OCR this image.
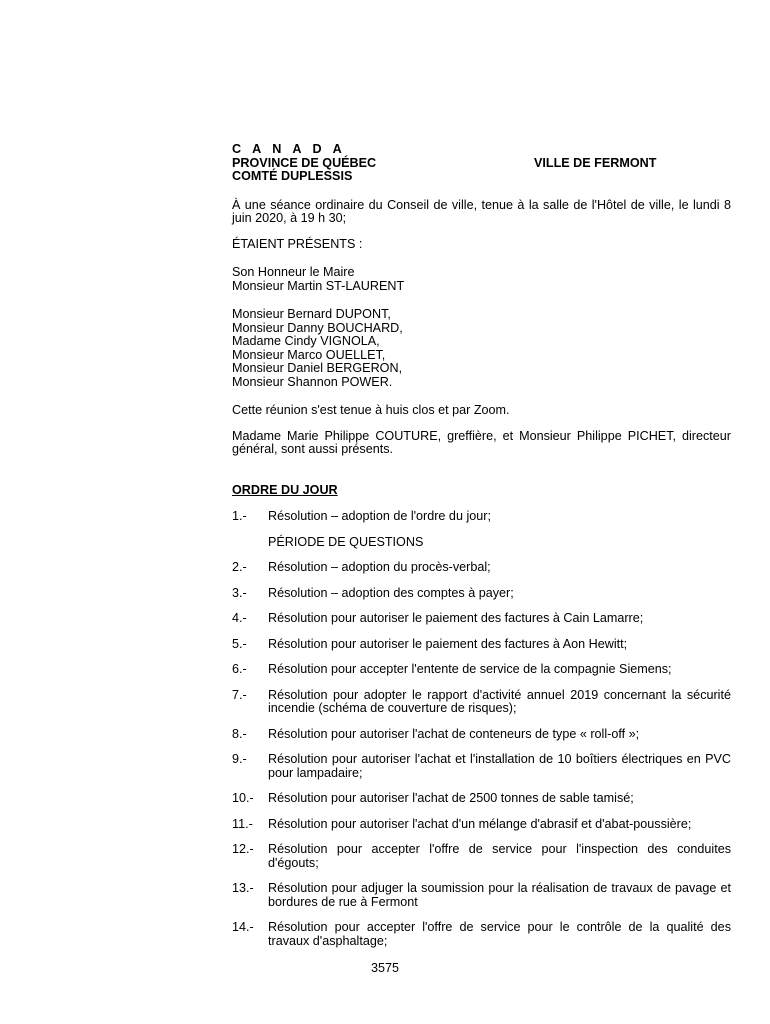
C A N A D A
PROVINCE DE QUÉBEC	VILLE DE FERMONT
COMTÉ DUPLESSIS

À une séance ordinaire du Conseil de ville, tenue à la salle de l'Hôtel de ville, le lundi 8 juin 2020, à 19 h 30;

ÉTAIENT PRÉSENTS :

Son Honneur le Maire
Monsieur Martin ST-LAURENT
Monsieur Bernard DUPONT,
Monsieur Danny BOUCHARD,
Madame Cindy VIGNOLA,
Monsieur Marco OUELLET,
Monsieur Daniel BERGERON,
Monsieur Shannon POWER.

Cette réunion s'est tenue à huis clos et par Zoom.

Madame Marie Philippe COUTURE, greffière, et Monsieur Philippe PICHET, directeur général, sont aussi présents.

ORDRE DU JOUR

1.-	Résolution – adoption de l'ordre du jour;
PÉRIODE DE QUESTIONS
2.-	Résolution – adoption du procès-verbal;
3.-	Résolution – adoption des comptes à payer;
4.-	Résolution pour autoriser le paiement des factures à Cain Lamarre;
5.-	Résolution pour autoriser le paiement des factures à Aon Hewitt;
6.-	Résolution pour accepter l'entente de service de la compagnie Siemens;
7.-	Résolution pour adopter le rapport d'activité annuel 2019 concernant la sécurité incendie (schéma de couverture de risques);
8.-	Résolution pour autoriser l'achat de conteneurs de type « roll-off »;
9.-	Résolution pour autoriser l'achat et l'installation de 10 boîtiers électriques en PVC pour lampadaire;
10.-	Résolution pour autoriser l'achat de 2500 tonnes de sable tamisé;
11.-	Résolution pour autoriser l'achat d'un mélange d'abrasif et d'abat-poussière;
12.-	Résolution pour accepter l'offre de service pour l'inspection des conduites d'égouts;
13.-	Résolution pour adjuger la soumission pour la réalisation de travaux de pavage et bordures de rue à Fermont
14.-	Résolution pour accepter l'offre de service pour le contrôle de la qualité des travaux d'asphaltage;
3575
